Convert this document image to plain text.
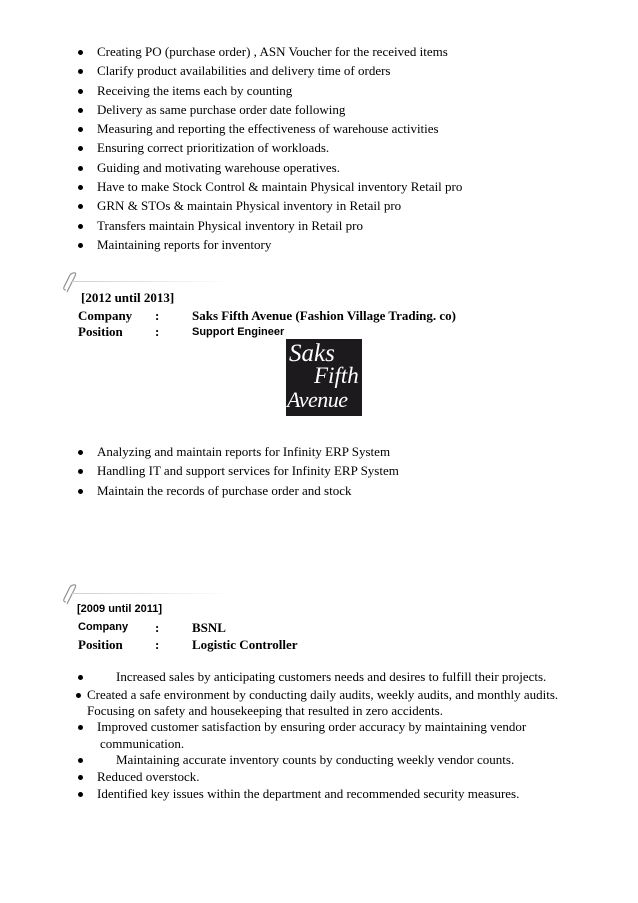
Creating PO (purchase order) , ASN Voucher for the received items
Clarify product availabilities and delivery time of orders
Receiving the items each by counting
Delivery as same purchase order date following
Measuring and reporting the effectiveness of warehouse activities
Ensuring correct prioritization of workloads.
Guiding and motivating warehouse operatives.
Have to make Stock Control & maintain Physical inventory Retail pro
GRN & STOs & maintain Physical inventory in Retail pro
Transfers maintain Physical inventory in Retail pro
Maintaining reports for inventory
[2012 until 2013]
Company :	Saks Fifth Avenue (Fashion Village Trading. co)
Position :	Support Engineer
Saks
Fifth
Avenue
Analyzing and maintain reports for Infinity ERP System
Handling IT and support services for Infinity ERP System
Maintain the records of purchase order and stock
[2009 until 2011]
Company :	BSNL
Position :	Logistic Controller
Increased sales by anticipating customers needs and desires to fulfill their projects.
Created a safe environment by conducting daily audits, weekly audits, and monthly audits.
Focusing on safety and housekeeping that resulted in zero accidents.
Improved customer satisfaction by ensuring order accuracy by maintaining vendor
communication.
Maintaining accurate inventory counts by conducting weekly vendor counts.
Reduced overstock.
Identified key issues within the department and recommended security measures.
